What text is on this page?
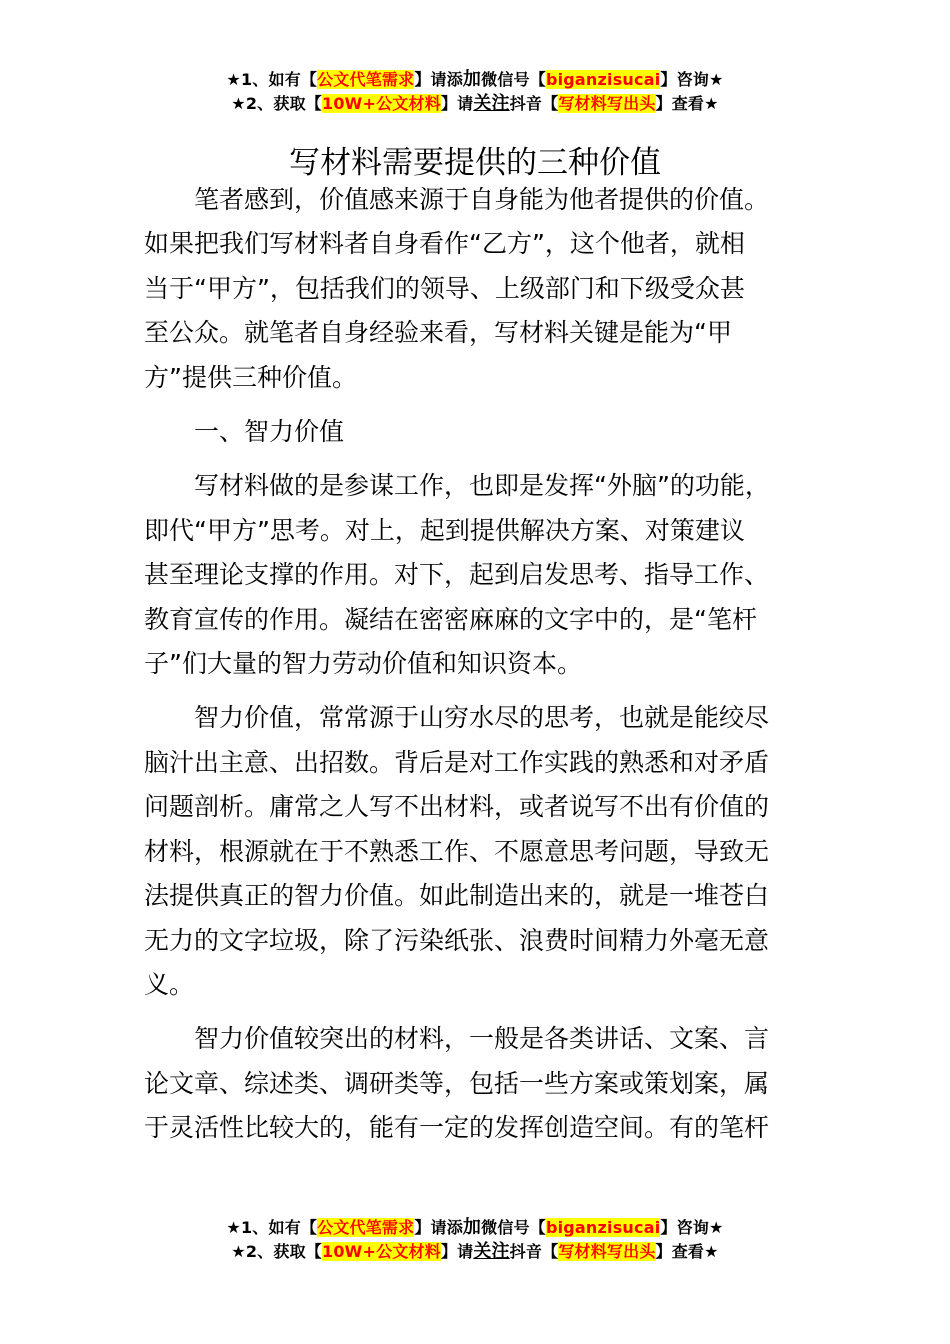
★1、如有【公文代笔需求】请添加微信号【biganzisucai】咨询★
★2、获取【10W+公文材料】请关注抖音【写材料写出头】查看★
写材料需要提供的三种价值
笔者感到，价值感来源于自身能为他者提供的价值。
如果把我们写材料者自身看作“乙方”，这个他者，就相
当于“甲方”，包括我们的领导、上级部门和下级受众甚
至公众。就笔者自身经验来看，写材料关键是能为“甲
方”提供三种价值。
一、智力价值
写材料做的是参谋工作，也即是发挥“外脑”的功能，
即代“甲方”思考。对上，起到提供解决方案、对策建议
甚至理论支撑的作用。对下，起到启发思考、指导工作、
教育宣传的作用。凝结在密密麻麻的文字中的，是“笔杆
子”们大量的智力劳动价值和知识资本。
智力价值，常常源于山穷水尽的思考，也就是能绞尽
脑汁出主意、出招数。背后是对工作实践的熟悉和对矛盾
问题剖析。庸常之人写不出材料，或者说写不出有价值的
材料，根源就在于不熟悉工作、不愿意思考问题，导致无
法提供真正的智力价值。如此制造出来的，就是一堆苍白
无力的文字垃圾，除了污染纸张、浪费时间精力外毫无意
义。
智力价值较突出的材料，一般是各类讲话、文案、言
论文章、综述类、调研类等，包括一些方案或策划案，属
于灵活性比较大的，能有一定的发挥创造空间。有的笔杆
★1、如有【公文代笔需求】请添加微信号【biganzisucai】咨询★
★2、获取【10W+公文材料】请关注抖音【写材料写出头】查看★
